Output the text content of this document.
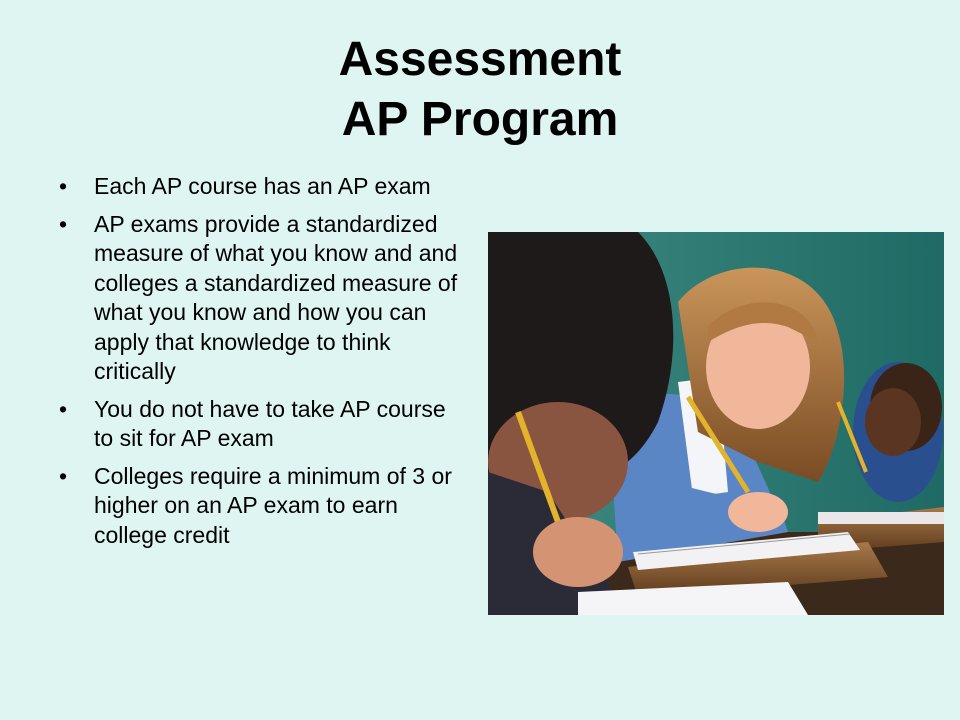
Assessment
AP Program
• Each AP course has an AP exam
• AP exams provide a standardized measure of what you know and and colleges a standardized measure of what you know and how you can apply that knowledge to think critically
• You do not have to take AP course to sit for AP exam
• Colleges require a minimum of 3 or higher on an AP exam to earn college credit
